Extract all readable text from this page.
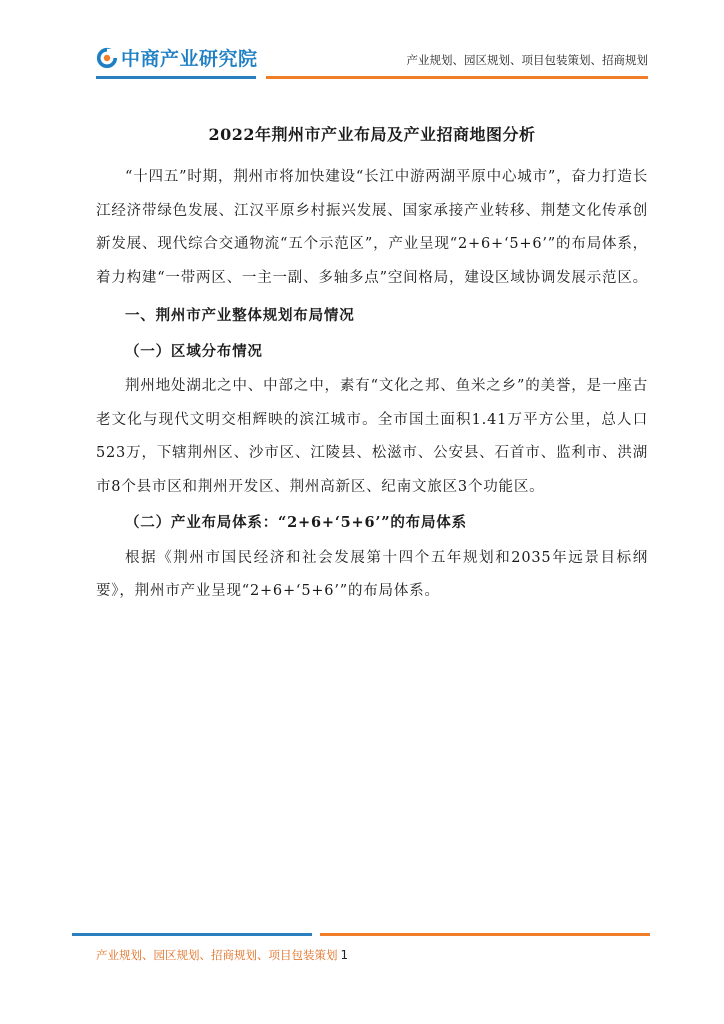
中商产业研究院	产业规划、园区规划、项目包装策划、招商规划

2022年荆州市产业布局及产业招商地图分析

“十四五”时期，荆州市将加快建设“长江中游两湖平原中心城市”，奋力打造长江经济带绿色发展、江汉平原乡村振兴发展、国家承接产业转移、荆楚文化传承创新发展、现代综合交通物流“五个示范区”，产业呈现“2+6+‘5+6’”的布局体系，着力构建“一带两区、一主一副、多轴多点”空间格局，建设区域协调发展示范区。

一、荆州市产业整体规划布局情况

（一）区域分布情况

荆州地处湖北之中、中部之中，素有“文化之邦、鱼米之乡”的美誉，是一座古老文化与现代文明交相辉映的滨江城市。全市国土面积1.41万平方公里，总人口523万，下辖荆州区、沙市区、江陵县、松滋市、公安县、石首市、监利市、洪湖市8个县市区和荆州开发区、荆州高新区、纪南文旅区3个功能区。

（二）产业布局体系：“2+6+‘5+6’”的布局体系

根据《荆州市国民经济和社会发展第十四个五年规划和2035年远景目标纲要》，荆州市产业呈现“2+6+‘5+6’”的布局体系。

产业规划、园区规划、招商规划、项目包装策划 1
